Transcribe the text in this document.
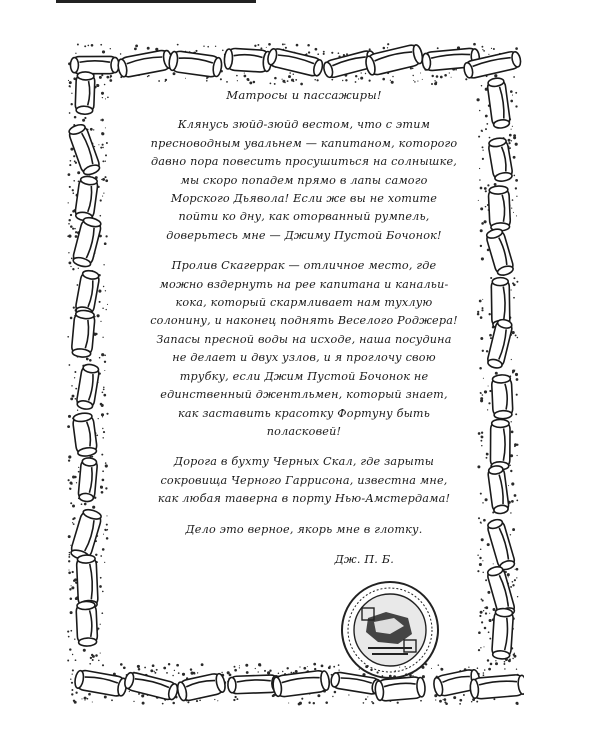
Матросы и пассажиры!

Клянусь зюйд-зюйд вестом, что с этим пресноводным увальнем — капитаном, которого давно пора повесить просушиться на солнышке, мы скоро попадем прямо в лапы самого Морского Дьявола! Если же вы не хотите пойти ко дну, как оторванный румпель, доверьтесь мне — Джиму Пустой Бочонок!

Пролив Скагеррак — отличное место, где можно вздернуть на рее капитана и канальи-кока, который скармливает нам тухлую солонину, и наконец поднять Веселого Роджера! Запасы пресной воды на исходе, наша посудина не делает и двух узлов, и я проглочу свою трубку, если Джим Пустой Бочонок не единственный джентльмен, который знает, как заставить красотку Фортуну быть поласковей!

Дорога в бухту Черных Скал, где зарыты сокровища Черного Гаррисона, известна мне, как любая таверна в порту Нью-Амстердама!

Дело это верное, якорь мне в глотку.

Дж. П. Б.
